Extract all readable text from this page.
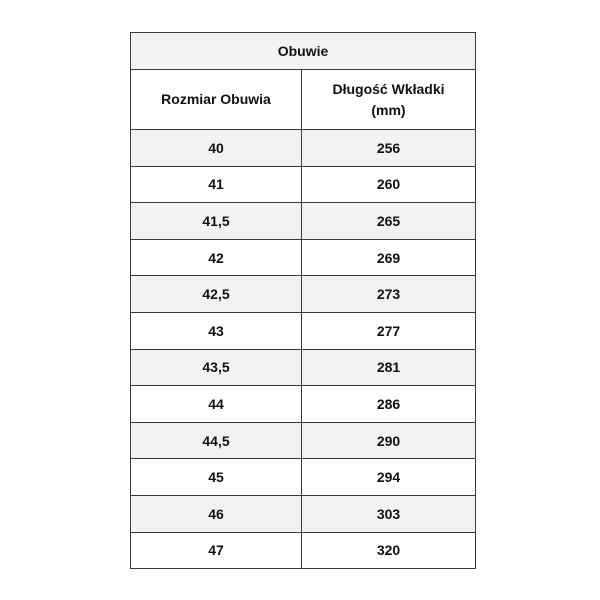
Obuwie	
Rozmiar Obuwia	Długość Wkładki
(mm)

40	256
41	260
41,5	265
42	269
42,5	273
43	277
43,5	281
44	286
44,5	290
45	294
46	303
47	320
